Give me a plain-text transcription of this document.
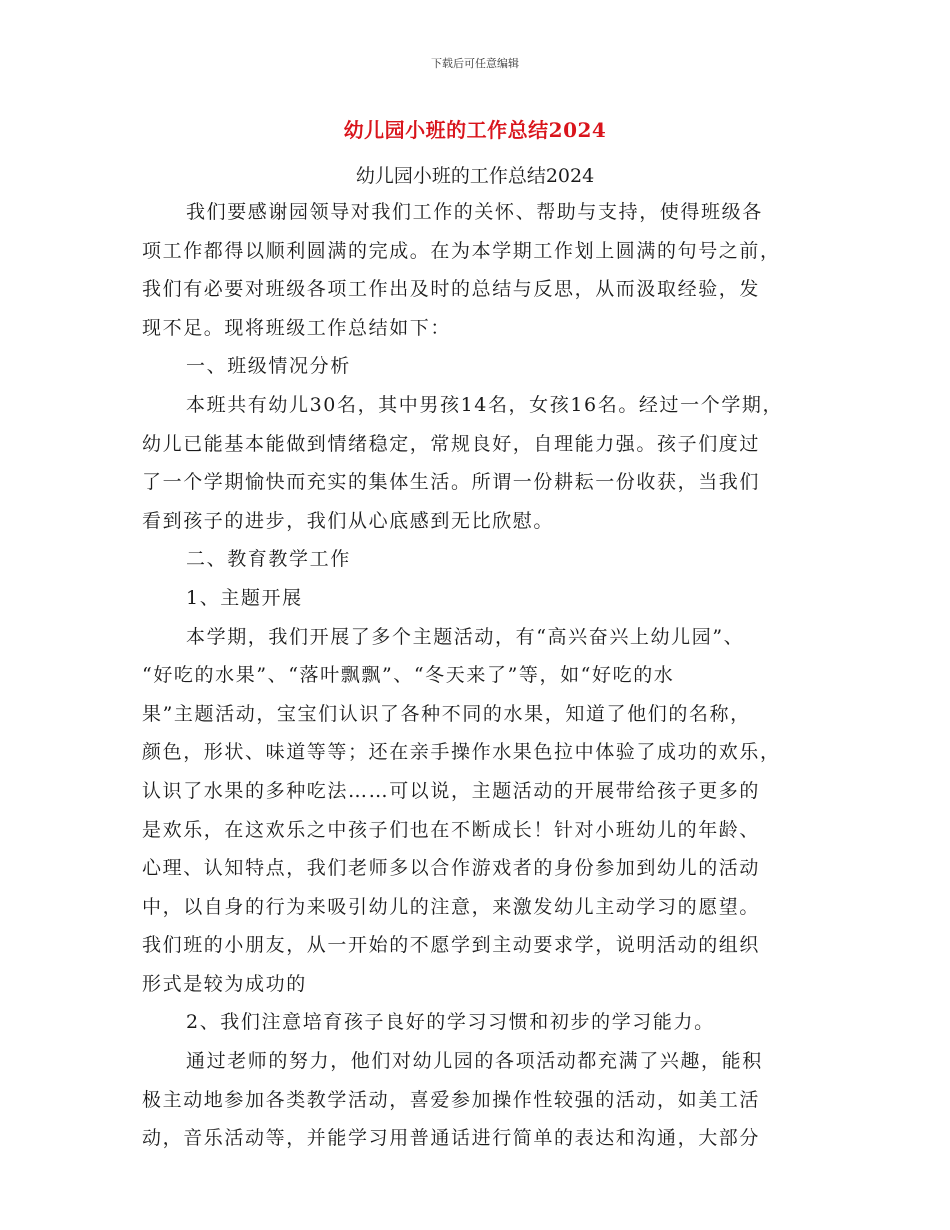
下载后可任意编辑
幼儿园小班的工作总结2024
幼儿园小班的工作总结2024
我们要感谢园领导对我们工作的关怀、帮助与支持，使得班级各
项工作都得以顺利圆满的完成。在为本学期工作划上圆满的句号之前，
我们有必要对班级各项工作出及时的总结与反思，从而汲取经验，发
现不足。现将班级工作总结如下：
一、班级情况分析
本班共有幼儿30名，其中男孩14名，女孩16名。经过一个学期，
幼儿已能基本能做到情绪稳定，常规良好，自理能力强。孩子们度过
了一个学期愉快而充实的集体生活。所谓一份耕耘一份收获，当我们
看到孩子的进步，我们从心底感到无比欣慰。
二、教育教学工作
1、主题开展
本学期，我们开展了多个主题活动，有“高兴奋兴上幼儿园”、
“好吃的水果”、“落叶飘飘”、“冬天来了”等，如“好吃的水
果”主题活动，宝宝们认识了各种不同的水果，知道了他们的名称，
颜色，形状、味道等等；还在亲手操作水果色拉中体验了成功的欢乐，
认识了水果的多种吃法……可以说，主题活动的开展带给孩子更多的
是欢乐，在这欢乐之中孩子们也在不断成长！针对小班幼儿的年龄、
心理、认知特点，我们老师多以合作游戏者的身份参加到幼儿的活动
中，以自身的行为来吸引幼儿的注意，来激发幼儿主动学习的愿望。
我们班的小朋友，从一开始的不愿学到主动要求学，说明活动的组织
形式是较为成功的
2、我们注意培育孩子良好的学习习惯和初步的学习能力。
通过老师的努力，他们对幼儿园的各项活动都充满了兴趣，能积
极主动地参加各类教学活动，喜爱参加操作性较强的活动，如美工活
动，音乐活动等，并能学习用普通话进行简单的表达和沟通，大部分
